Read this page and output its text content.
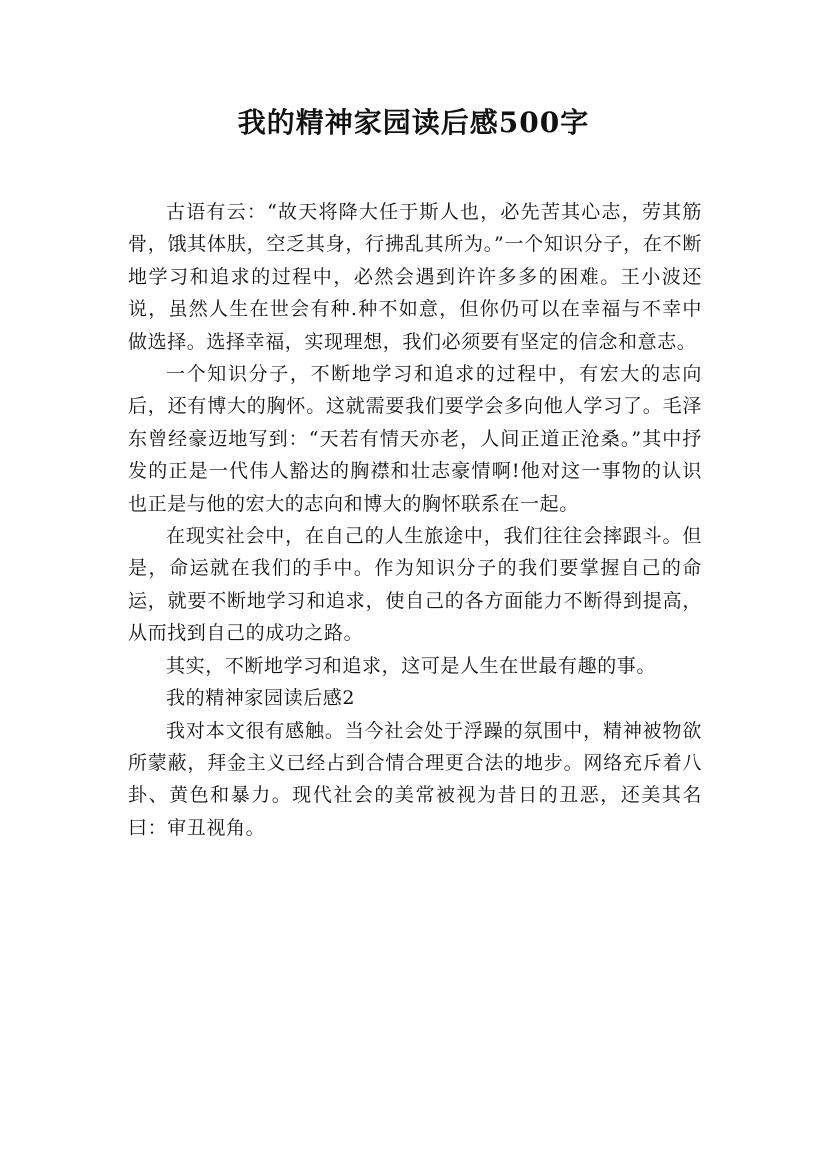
我的精神家园读后感500字

古语有云：“故天将降大任于斯人也，必先苦其心志，劳其筋骨，饿其体肤，空乏其身，行拂乱其所为。”一个知识分子，在不断地学习和追求的过程中，必然会遇到许许多多的困难。王小波还说，虽然人生在世会有种.种不如意，但你仍可以在幸福与不幸中做选择。选择幸福，实现理想，我们必须要有坚定的信念和意志。

一个知识分子，不断地学习和追求的过程中，有宏大的志向后，还有博大的胸怀。这就需要我们要学会多向他人学习了。毛泽东曾经豪迈地写到：“天若有情天亦老，人间正道正沧桑。”其中抒发的正是一代伟人豁达的胸襟和壮志豪情啊!他对这一事物的认识也正是与他的宏大的志向和博大的胸怀联系在一起。

在现实社会中，在自己的人生旅途中，我们往往会摔跟斗。但是，命运就在我们的手中。作为知识分子的我们要掌握自己的命运，就要不断地学习和追求，使自己的各方面能力不断得到提高，从而找到自己的成功之路。

其实，不断地学习和追求，这可是人生在世最有趣的事。

我的精神家园读后感2

我对本文很有感触。当今社会处于浮躁的氛围中，精神被物欲所蒙蔽，拜金主义已经占到合情合理更合法的地步。网络充斥着八卦、黄色和暴力。现代社会的美常被视为昔日的丑恶，还美其名曰：审丑视角。
